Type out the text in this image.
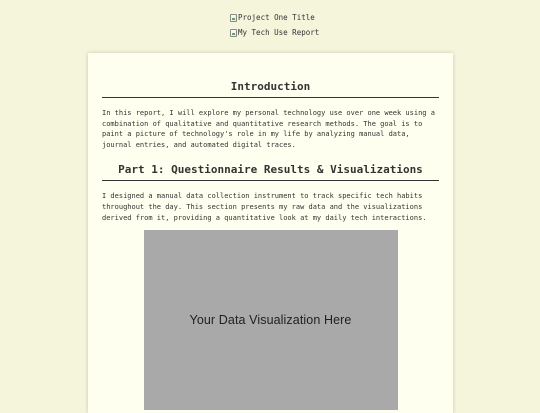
Project One Title
My Tech Use Report
Introduction

In this report, I will explore my personal technology use over one week using a combination of qualitative and quantitative research methods. The goal is to paint a picture of technology's role in my life by analyzing manual data, journal entries, and automated digital traces.

Part 1: Questionnaire Results & Visualizations

I designed a manual data collection instrument to track specific tech habits throughout the day. This section presents my raw data and the visualizations derived from it, providing a quantitative look at my daily tech interactions.

Your Data Visualization Here
